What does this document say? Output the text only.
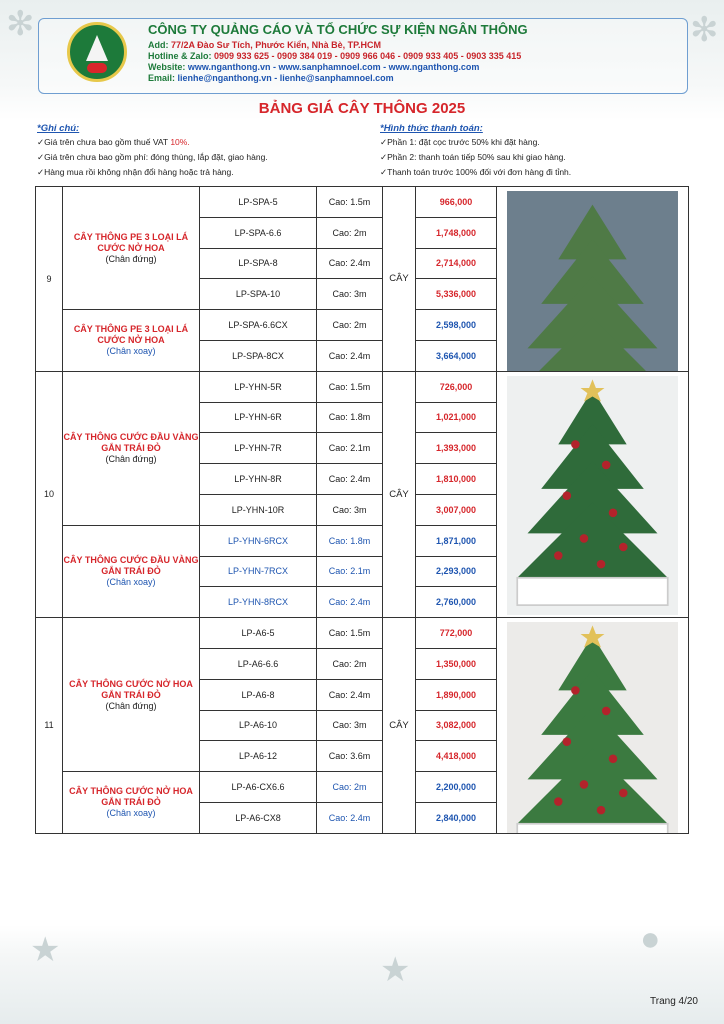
✻	✻
★
★
●
CÔNG TY QUẢNG CÁO VÀ TỔ CHỨC SỰ KIỆN NGÂN THÔNG
Add: 77/2A Đào Sư Tích, Phước Kiển, Nhà Bè, TP.HCM
Hotline & Zalo: 0909 933 625 - 0909 384 019 - 0909 966 046 - 0909 933 405 - 0903 335 415
Website: www.nganthong.vn - www.sanphamnoel.com - www.nganthong.com
Email: lienhe@nganthong.vn - lienhe@sanphamnoel.com
BẢNG GIÁ CÂY THÔNG 2025
*Ghi chú:
✓Giá trên chưa bao gồm thuế VAT 10%.
✓Giá trên chưa bao gồm phí: đóng thùng, lắp đặt, giao hàng.
✓Hàng mua rồi không nhận đổi hàng hoặc trả hàng.
*Hình thức thanh toán:
✓Phần 1: đặt cọc trước 50% khi đặt hàng.
✓Phần 2: thanh toán tiếp 50% sau khi giao hàng.
✓Thanh toán trước 100% đối với đơn hàng đi tỉnh.
9	CÂY THÔNG PE 3 LOẠI LÁ CƯỚC NỞ HOA
(Chân đứng)	LP-SPA-5	Cao: 1.5m	CÂY	966,000	

		LP-SPA-6.6	Cao: 2m		1,748,000	
		LP-SPA-8	Cao: 2.4m		2,714,000	
		LP-SPA-10	Cao: 3m		5,336,000	

	CÂY THÔNG PE 3 LOẠI LÁ CƯỚC NỞ HOA
(Chân xoay)	LP-SPA-6.6CX	Cao: 2m		2,598,000	
		LP-SPA-8CX	Cao: 2.4m		3,664,000	
10	CÂY THÔNG CƯỚC ĐẦU VÀNG GẮN TRÁI ĐỎ
(Chân đứng)	LP-YHN-5R	Cao: 1.5m	CÂY	726,000	

		LP-YHN-6R	Cao: 1.8m		1,021,000	
		LP-YHN-7R	Cao: 2.1m		1,393,000	
		LP-YHN-8R	Cao: 2.4m		1,810,000	
		LP-YHN-10R	Cao: 3m		3,007,000	

	CÂY THÔNG CƯỚC ĐẦU VÀNG GẮN TRÁI ĐỎ
(Chân xoay)	LP-YHN-6RCX	Cao: 1.8m		1,871,000	
		LP-YHN-7RCX	Cao: 2.1m		2,293,000	
		LP-YHN-8RCX	Cao: 2.4m		2,760,000	
11	CÂY THÔNG CƯỚC NỞ HOA GẮN TRÁI ĐỎ
(Chân đứng)	LP-A6-5	Cao: 1.5m	CÂY	772,000	

		LP-A6-6.6	Cao: 2m		1,350,000	
		LP-A6-8	Cao: 2.4m		1,890,000	
		LP-A6-10	Cao: 3m		3,082,000	
		LP-A6-12	Cao: 3.6m		4,418,000	

	CÂY THÔNG CƯỚC NỞ HOA GẮN TRÁI ĐỎ
(Chân xoay)	LP-A6-CX6.6	Cao: 2m		2,200,000	
		LP-A6-CX8	Cao: 2.4m		2,840,000	
Trang 4/20
